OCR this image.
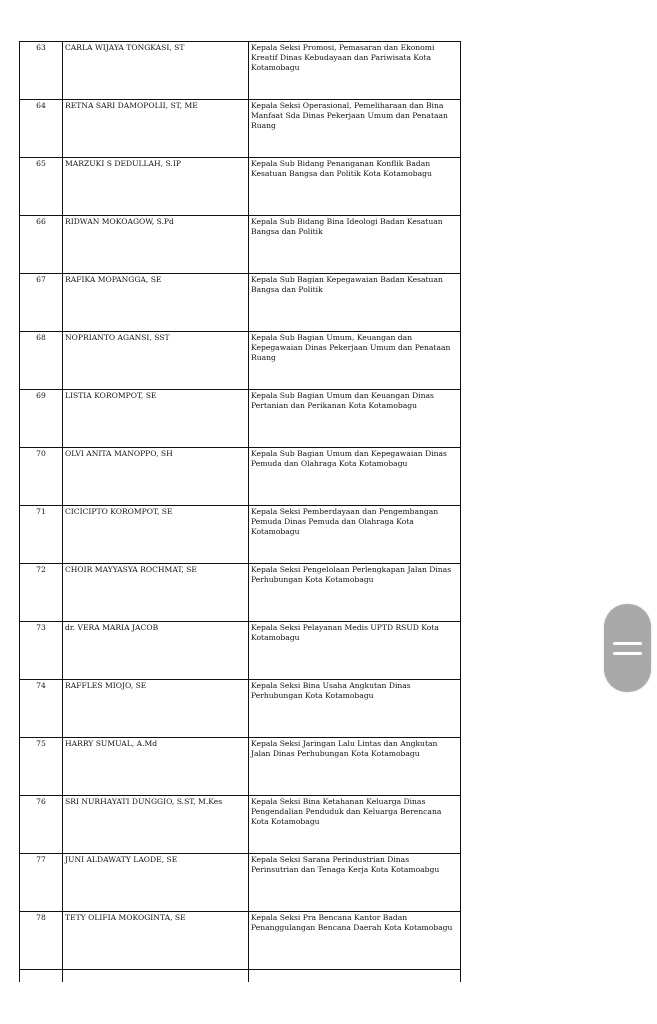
63	CARLA WIJAYA TONGKASI, ST	Kepala Seksi Promosi, Pemasaran dan Ekonomi Kreatif Dinas Kebudayaan dan Pariwisata Kota Kotamobagu
64	RETNA SARI DAMOPOLII, ST, ME	Kepala Seksi Operasional, Pemeliharaan dan Bina Manfaat Sda Dinas Pekerjaan Umum dan Penataan Ruang
65	MARZUKI S DEDULLAH, S.IP	Kepala Sub Bidang Penanganan Konflik Badan Kesatuan Bangsa dan Politik Kota Kotamobagu
66	RIDWAN MOKOAGOW, S.Pd	Kepala Sub Bidang Bina Ideologi Badan Kesatuan Bangsa dan Politik
67	RAFIKA MOPANGGA, SE	Kepala Sub Bagian Kepegawaian Badan Kesatuan Bangsa dan Politik
68	NOPRIANTO AGANSI, SST	Kepala Sub Bagian Umum, Keuangan dan Kepegawaian Dinas Pekerjaan Umum dan Penataan Ruang
69	LISTIA KOROMPOT, SE	Kepala Sub Bagian Umum dan Keuangan Dinas Pertanian dan Perikanan Kota Kotamobagu
70	OLVI ANITA MANOPPO, SH	Kepala Sub Bagian Umum dan Kepegawaian Dinas Pemuda dan Olahraga Kota Kotamobagu
71	CICICIPTO KOROMPOT, SE	Kepala Seksi Pemberdayaan dan Pengembangan Pemuda Dinas Pemuda dan Olahraga Kota Kotamobagu
72	CHOIR MAYYASYA ROCHMAT, SE	Kepala Seksi Pengelolaan Perlengkapan Jalan Dinas Perhubungan Kota Kotamobagu
73	dr. VERA MARIA JACOB	Kepala Seksi Pelayanan Medis UPTD RSUD Kota Kotamobagu
74	RAFFLES MIOJO, SE	Kepala Seksi Bina Usaha Angkutan Dinas Perhubungan Kota Kotamobagu
75	HARRY SUMUAL, A.Md	Kepala Seksi Jaringan Lalu Lintas dan Angkutan Jalan Dinas Perhubungan Kota Kotamobagu
76	SRI NURHAYATI DUNGGIO, S.ST, M.Kes	Kepala Seksi Bina Ketahanan Keluarga Dinas Pengendalian Penduduk dan Keluarga Berencana Kota Kotamobagu
77	JUNI ALDAWATY LAODE, SE	Kepala Seksi Sarana Perindustrian Dinas Perinsutrian dan Tenaga Kerja Kota Kotamoabgu
78	TETY OLIFIA MOKOGINTA, SE	Kepala Seksi Pra Bencana Kantor Badan Penanggulangan Bencana Daerah Kota Kotamobagu
